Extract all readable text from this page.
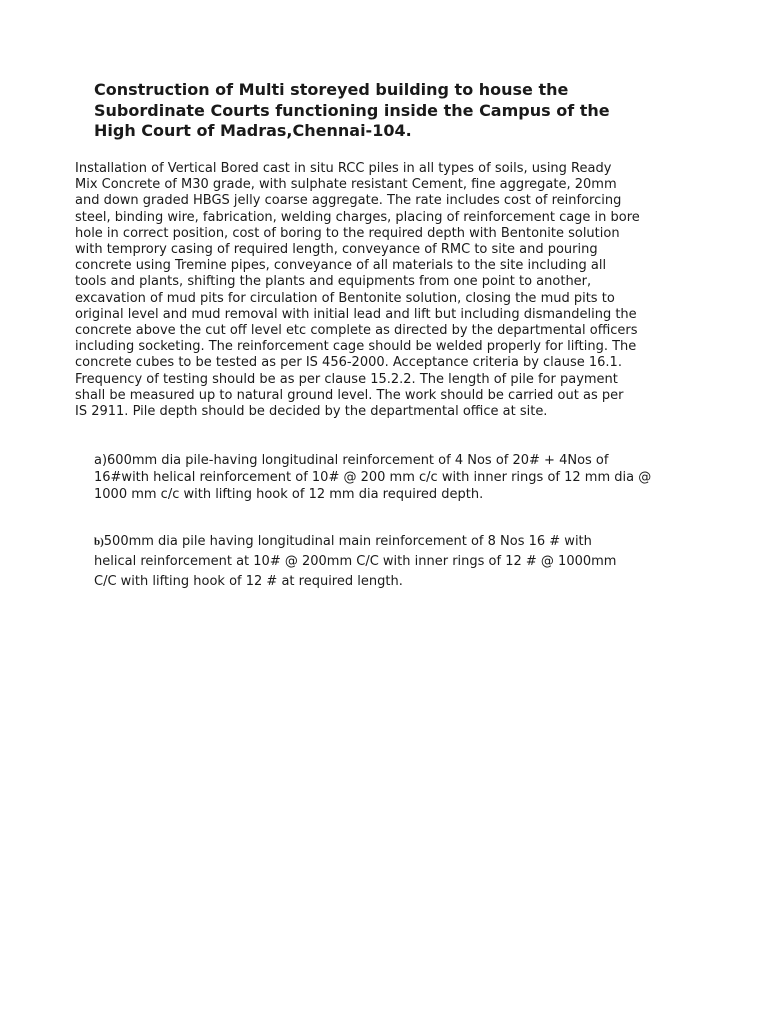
Construction of Multi storeyed building to house the
Subordinate Courts functioning inside the Campus of the
High Court of Madras,Chennai-104.

Installation of Vertical Bored cast in situ RCC piles in all types of soils, using Ready
Mix Concrete of M30 grade, with sulphate resistant Cement, fine aggregate, 20mm
and down graded HBGS jelly coarse aggregate. The rate includes cost of reinforcing
steel, binding wire, fabrication, welding charges, placing of reinforcement cage in bore
hole in correct position, cost of boring to the required depth with Bentonite solution
with temprory casing of required length, conveyance of RMC to site and pouring
concrete using Tremine pipes, conveyance of all materials to the site including all
tools and plants, shifting the plants and equipments from one point to another,
excavation of mud pits for circulation of Bentonite solution, closing the mud pits to
original level and mud removal with initial lead and lift but including dismandeling the
concrete above the cut off level etc complete as directed by the departmental officers
including socketing. The reinforcement cage should be welded properly for lifting. The
concrete cubes to be tested as per IS 456-2000. Acceptance criteria by clause 16.1.
Frequency of testing should be as per clause 15.2.2. The length of pile for payment
shall be measured up to natural ground level. The work should be carried out as per
IS 2911. Pile depth should be decided by the departmental office at site.

a)600mm dia pile-having longitudinal reinforcement of 4 Nos of 20# + 4Nos of
16#with helical reinforcement of 10# @ 200 mm c/c with inner rings of 12 mm dia @
1000 mm c/c with lifting hook of 12 mm dia required depth.

b)500mm dia pile having longitudinal main reinforcement of 8 Nos 16 # with
helical reinforcement at 10# @ 200mm C/C with inner rings of 12 # @ 1000mm
C/C with lifting hook of 12 # at required length.
